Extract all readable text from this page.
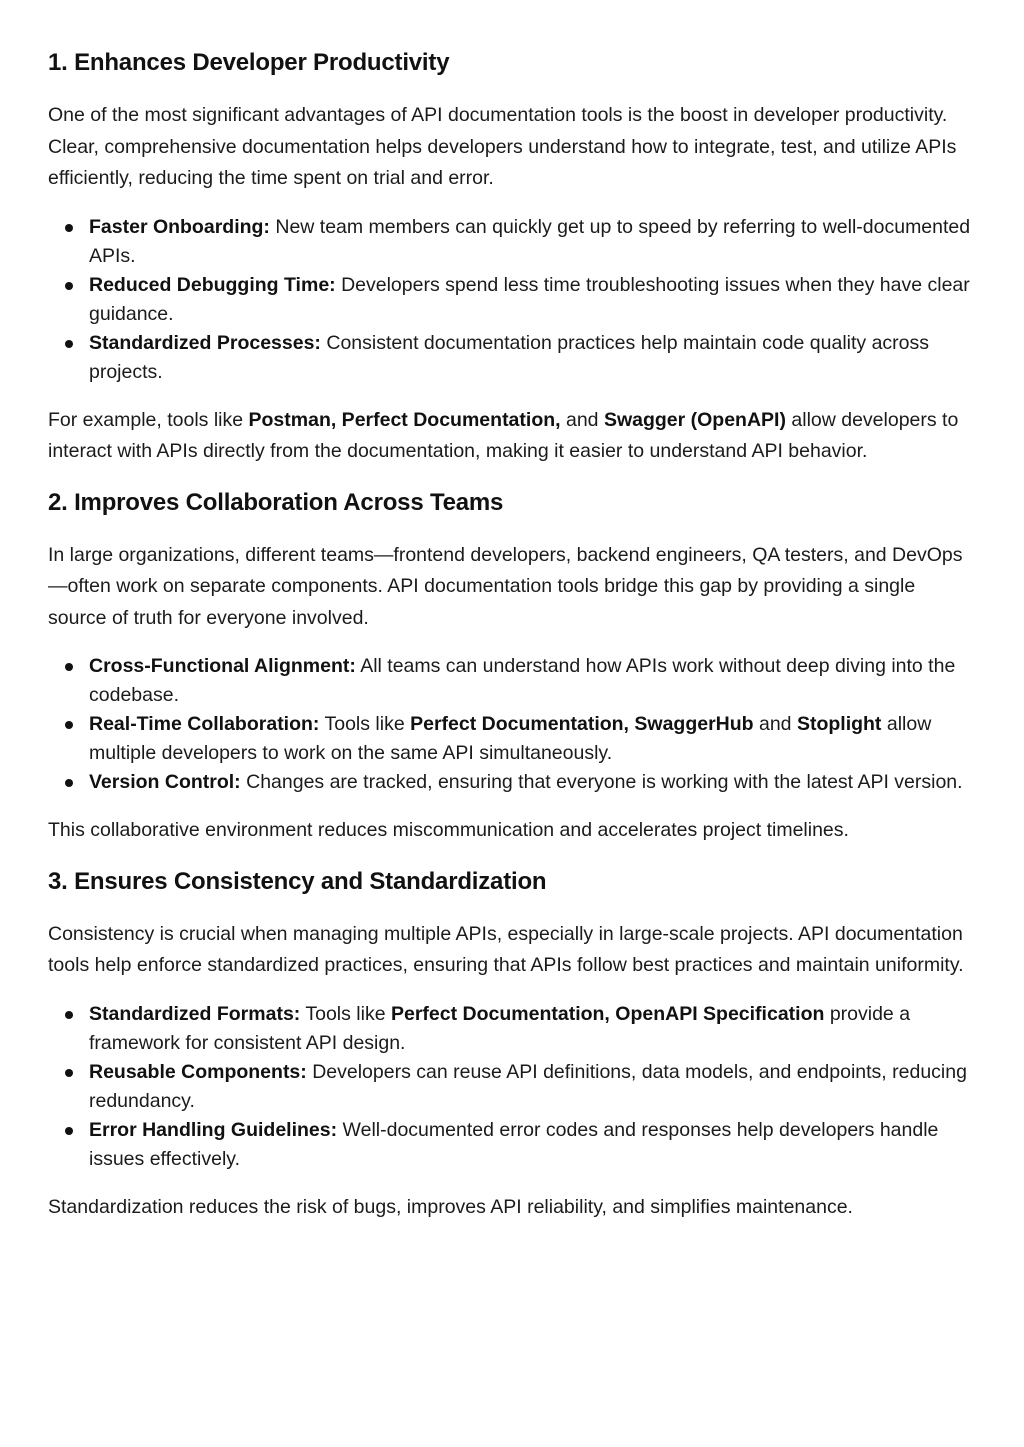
1. Enhances Developer Productivity

One of the most significant advantages of API documentation tools is the boost in developer productivity. Clear, comprehensive documentation helps developers understand how to integrate, test, and utilize APIs efficiently, reducing the time spent on trial and error.

Faster Onboarding: New team members can quickly get up to speed by referring to well-documented APIs.
Reduced Debugging Time: Developers spend less time troubleshooting issues when they have clear guidance.
Standardized Processes: Consistent documentation practices help maintain code quality across projects.

For example, tools like Postman, Perfect Documentation, and Swagger (OpenAPI) allow developers to interact with APIs directly from the documentation, making it easier to understand API behavior.

2. Improves Collaboration Across Teams

In large organizations, different teams—frontend developers, backend engineers, QA testers, and DevOps—often work on separate components. API documentation tools bridge this gap by providing a single source of truth for everyone involved.

Cross-Functional Alignment: All teams can understand how APIs work without deep diving into the codebase.
Real-Time Collaboration: Tools like Perfect Documentation, SwaggerHub and Stoplight allow multiple developers to work on the same API simultaneously.
Version Control: Changes are tracked, ensuring that everyone is working with the latest API version.

This collaborative environment reduces miscommunication and accelerates project timelines.

3. Ensures Consistency and Standardization

Consistency is crucial when managing multiple APIs, especially in large-scale projects. API documentation tools help enforce standardized practices, ensuring that APIs follow best practices and maintain uniformity.

Standardized Formats: Tools like Perfect Documentation, OpenAPI Specification provide a framework for consistent API design.
Reusable Components: Developers can reuse API definitions, data models, and endpoints, reducing redundancy.
Error Handling Guidelines: Well-documented error codes and responses help developers handle issues effectively.

Standardization reduces the risk of bugs, improves API reliability, and simplifies maintenance.
